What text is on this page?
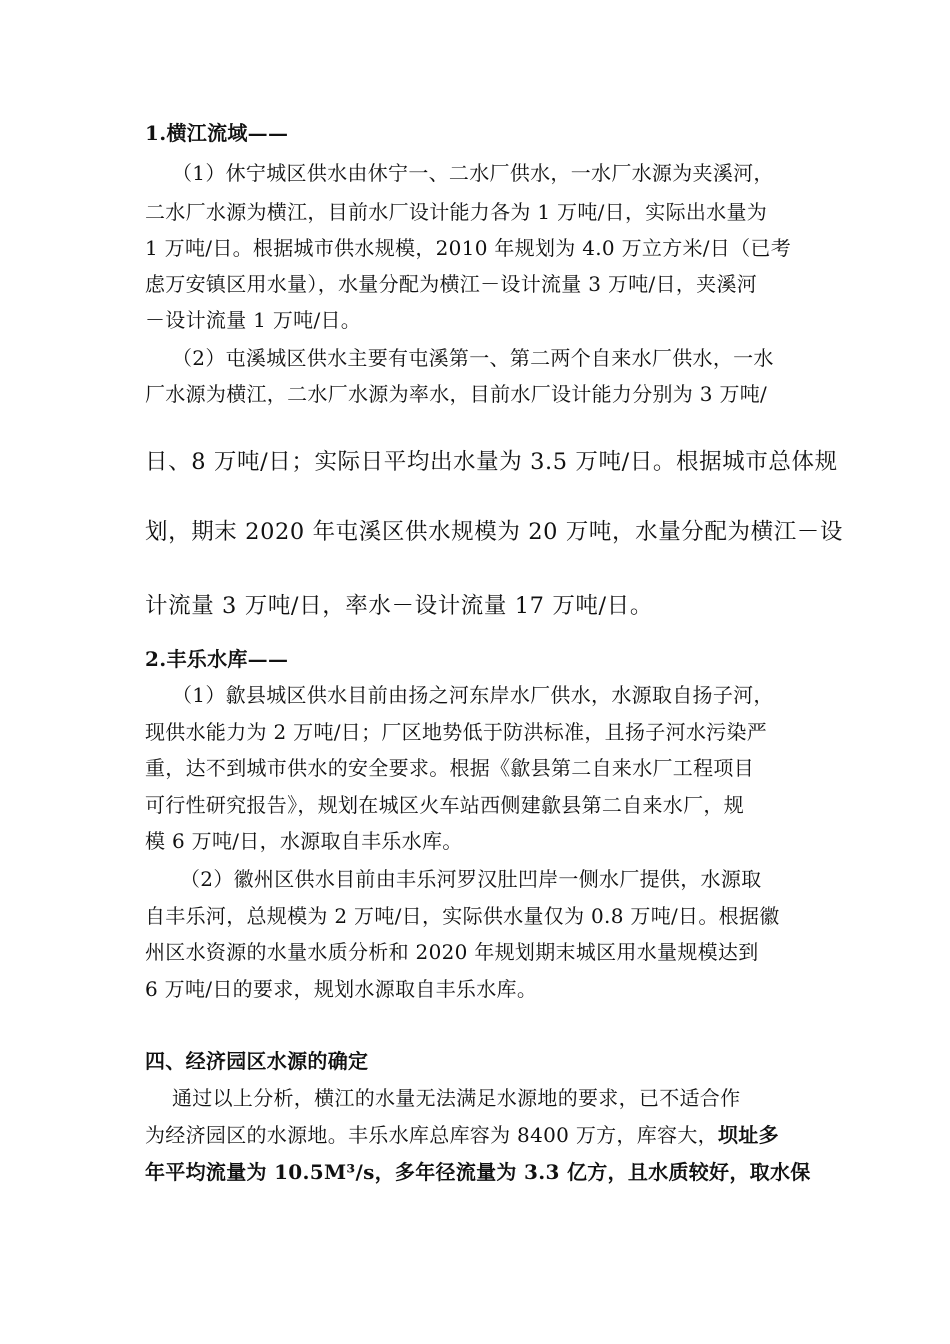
1.横江流域——
（1）休宁城区供水由休宁一、二水厂供水，一水厂水源为夹溪河，
二水厂水源为横江，目前水厂设计能力各为 1 万吨/日，实际出水量为
1 万吨/日。根据城市供水规模，2010 年规划为 4.0 万立方米/日（已考
虑万安镇区用水量），水量分配为横江－设计流量 3 万吨/日，夹溪河
－设计流量 1 万吨/日。
（2）屯溪城区供水主要有屯溪第一、第二两个自来水厂供水，一水
厂水源为横江，二水厂水源为率水，目前水厂设计能力分别为 3 万吨/
日、8 万吨/日；实际日平均出水量为 3.5 万吨/日。根据城市总体规
划，期末 2020 年屯溪区供水规模为 20 万吨，水量分配为横江－设
计流量 3 万吨/日，率水－设计流量 17 万吨/日。
2.丰乐水库——
（1）歙县城区供水目前由扬之河东岸水厂供水，水源取自扬子河，
现供水能力为 2 万吨/日；厂区地势低于防洪标准，且扬子河水污染严
重，达不到城市供水的安全要求。根据《歙县第二自来水厂工程项目
可行性研究报告》，规划在城区火车站西侧建歙县第二自来水厂，规
模 6 万吨/日，水源取自丰乐水库。
（2）徽州区供水目前由丰乐河罗汉肚凹岸一侧水厂提供，水源取
自丰乐河，总规模为 2 万吨/日，实际供水量仅为 0.8 万吨/日。根据徽
州区水资源的水量水质分析和 2020 年规划期末城区用水量规模达到
6 万吨/日的要求，规划水源取自丰乐水库。
四、经济园区水源的确定
通过以上分析，横江的水量无法满足水源地的要求，已不适合作
为经济园区的水源地。丰乐水库总库容为 8400 万方，库容大，坝址多
年平均流量为 10.5M³/s，多年径流量为 3.3 亿方，且水质较好，取水保
